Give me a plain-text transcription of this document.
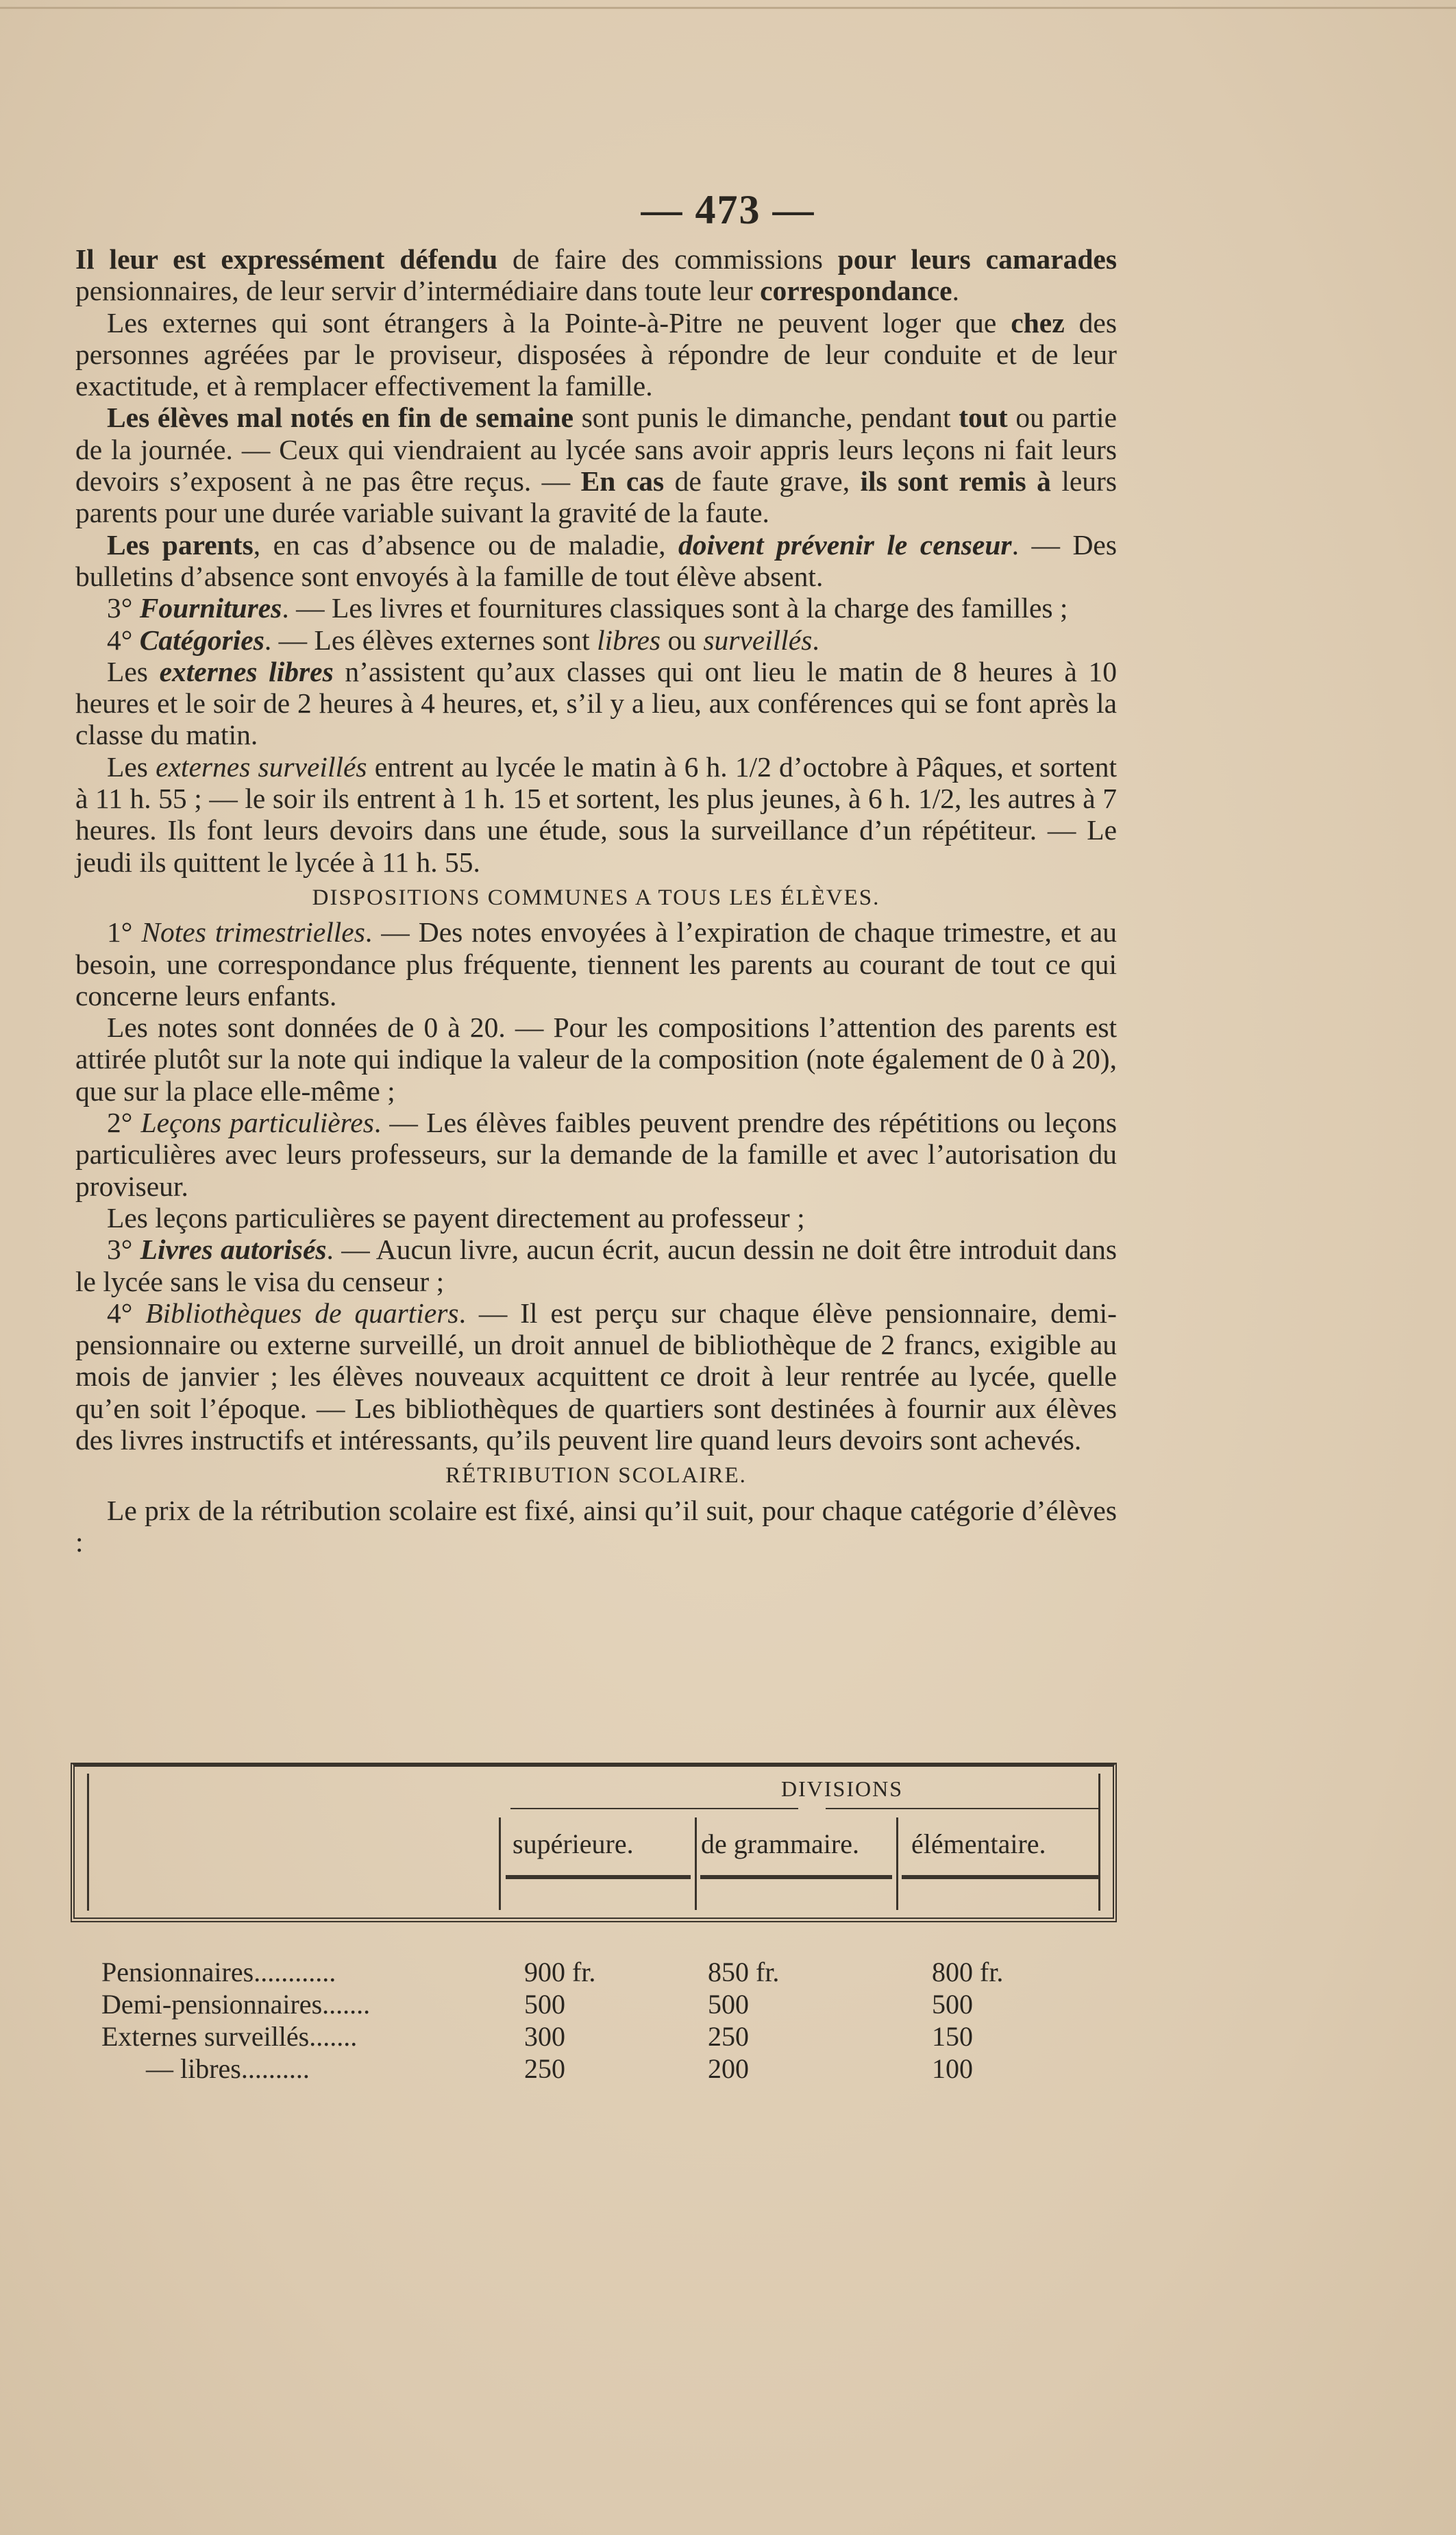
— 473 —

Il leur est expressément défendu de faire des commissions pour leurs camarades pensionnaires, de leur servir d’intermédiaire dans toute leur correspondance.

Les externes qui sont étrangers à la Pointe-à-Pitre ne peuvent loger que chez des personnes agréées par le proviseur, disposées à répondre de leur conduite et de leur exactitude, et à remplacer effectivement la famille.

Les élèves mal notés en fin de semaine sont punis le dimanche, pendant tout ou partie de la journée. — Ceux qui viendraient au lycée sans avoir appris leurs leçons ni fait leurs devoirs s’exposent à ne pas être reçus. — En cas de faute grave, ils sont remis à leurs parents pour une durée variable suivant la gravité de la faute.

Les parents, en cas d’absence ou de maladie, doivent prévenir le censeur. — Des bulletins d’absence sont envoyés à la famille de tout élève absent.

3° Fournitures. — Les livres et fournitures classiques sont à la charge des familles ;

4° Catégories. — Les élèves externes sont libres ou surveillés.

Les externes libres n’assistent qu’aux classes qui ont lieu le matin de 8 heures à 10 heures et le soir de 2 heures à 4 heures, et, s’il y a lieu, aux conférences qui se font après la classe du matin.

Les externes surveillés entrent au lycée le matin à 6 h. 1/2 d’octobre à Pâques, et sortent à 11 h. 55 ; — le soir ils entrent à 1 h. 15 et sortent, les plus jeunes, à 6 h. 1/2, les autres à 7 heures. Ils font leurs devoirs dans une étude, sous la surveillance d’un répétiteur. — Le jeudi ils quittent le lycée à 11 h. 55.

DISPOSITIONS COMMUNES A TOUS LES ÉLÈVES.

1° Notes trimestrielles. — Des notes envoyées à l’expiration de chaque trimestre, et au besoin, une correspondance plus fréquente, tiennent les parents au courant de tout ce qui concerne leurs enfants.

Les notes sont données de 0 à 20. — Pour les compositions l’attention des parents est attirée plutôt sur la note qui indique la valeur de la composition (note également de 0 à 20), que sur la place elle-même ;

2° Leçons particulières. — Les élèves faibles peuvent prendre des répétitions ou leçons particulières avec leurs professeurs, sur la demande de la famille et avec l’autorisation du proviseur.

Les leçons particulières se payent directement au professeur ;

3° Livres autorisés. — Aucun livre, aucun écrit, aucun dessin ne doit être introduit dans le lycée sans le visa du censeur ;

4° Bibliothèques de quartiers. — Il est perçu sur chaque élève pensionnaire, demi-pensionnaire ou externe surveillé, un droit annuel de bibliothèque de 2 francs, exigible au mois de janvier ; les élèves nouveaux acquittent ce droit à leur rentrée au lycée, quelle qu’en soit l’époque. — Les bibliothèques de quartiers sont destinées à fournir aux élèves des livres instructifs et intéressants, qu’ils peuvent lire quand leurs devoirs sont achevés.

RÉTRIBUTION SCOLAIRE.

Le prix de la rétribution scolaire est fixé, ainsi qu’il suit, pour chaque catégorie d’élèves :

DIVISIONS
supérieure. de grammaire. élémentaire.
Pensionnaires............	900 fr.	850 fr.	800 fr.
Demi-pensionnaires.......	500	500	500
Externes surveillés.......	300	250	150
— libres..........	250	200	100
